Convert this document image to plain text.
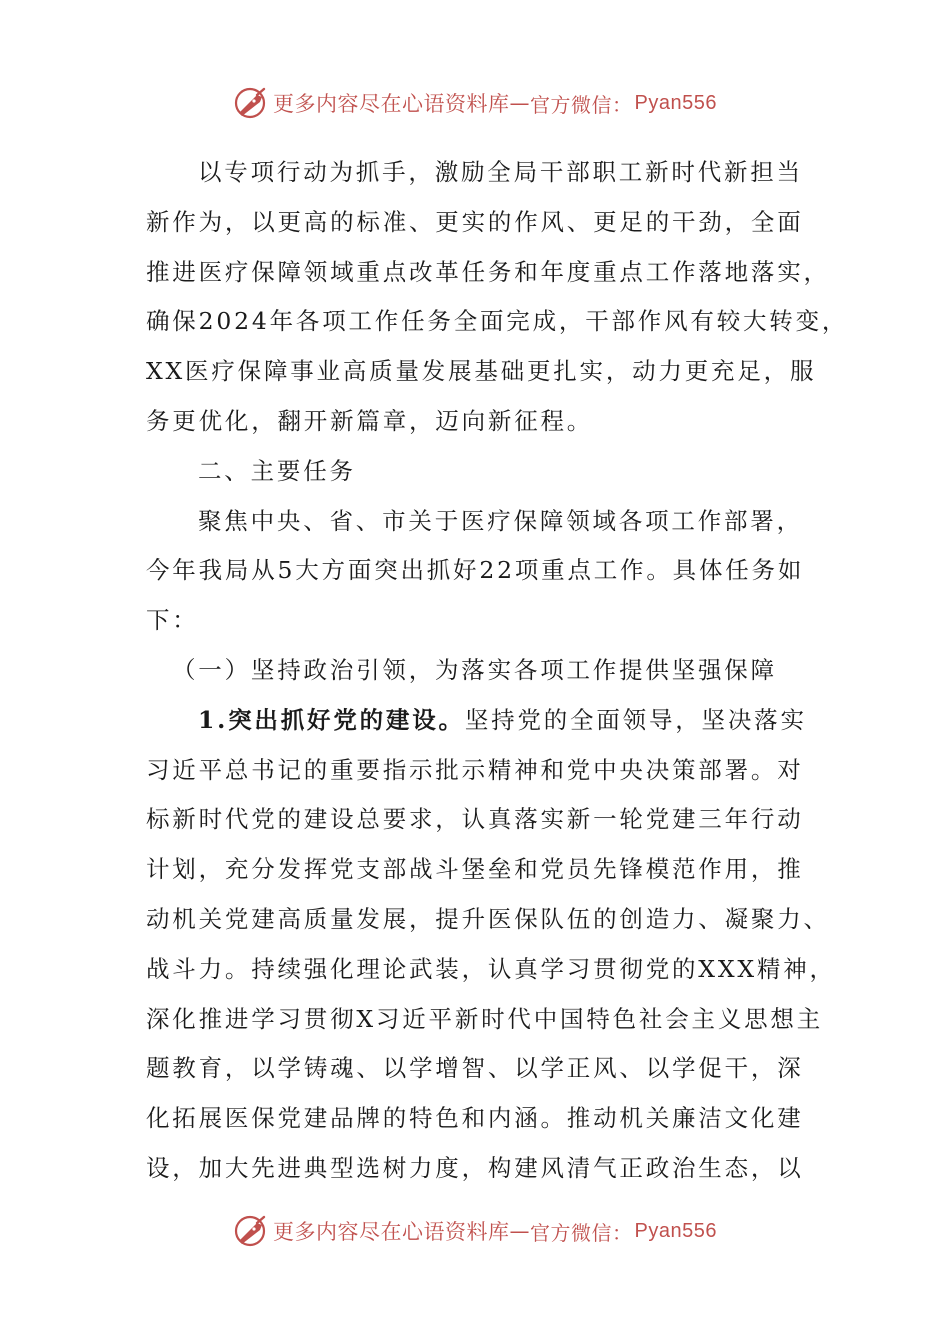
更多内容尽在心语资料库 — 官方微信： Pyan556
以专项行动为抓手，激励全局干部职工新时代新担当
新作为，以更高的标准、更实的作风、更足的干劲，全面
推进医疗保障领域重点改革任务和年度重点工作落地落实，
确保2024年各项工作任务全面完成，干部作风有较大转变，
XX医疗保障事业高质量发展基础更扎实，动力更充足，服
务更优化，翻开新篇章，迈向新征程。
二、主要任务
聚焦中央、省、市关于医疗保障领域各项工作部署，
今年我局从5大方面突出抓好22项重点工作。具体任务如
下：
（一）坚持政治引领，为落实各项工作提供坚强保障
1.突出抓好党的建设。坚持党的全面领导，坚决落实
习近平总书记的重要指示批示精神和党中央决策部署。对
标新时代党的建设总要求，认真落实新一轮党建三年行动
计划，充分发挥党支部战斗堡垒和党员先锋模范作用，推
动机关党建高质量发展，提升医保队伍的创造力、凝聚力、
战斗力。持续强化理论武装，认真学习贯彻党的XXX精神，
深化推进学习贯彻X习近平新时代中国特色社会主义思想主
题教育，以学铸魂、以学增智、以学正风、以学促干，深
化拓展医保党建品牌的特色和内涵。推动机关廉洁文化建
设，加大先进典型选树力度，构建风清气正政治生态，以
更多内容尽在心语资料库 — 官方微信： Pyan556
